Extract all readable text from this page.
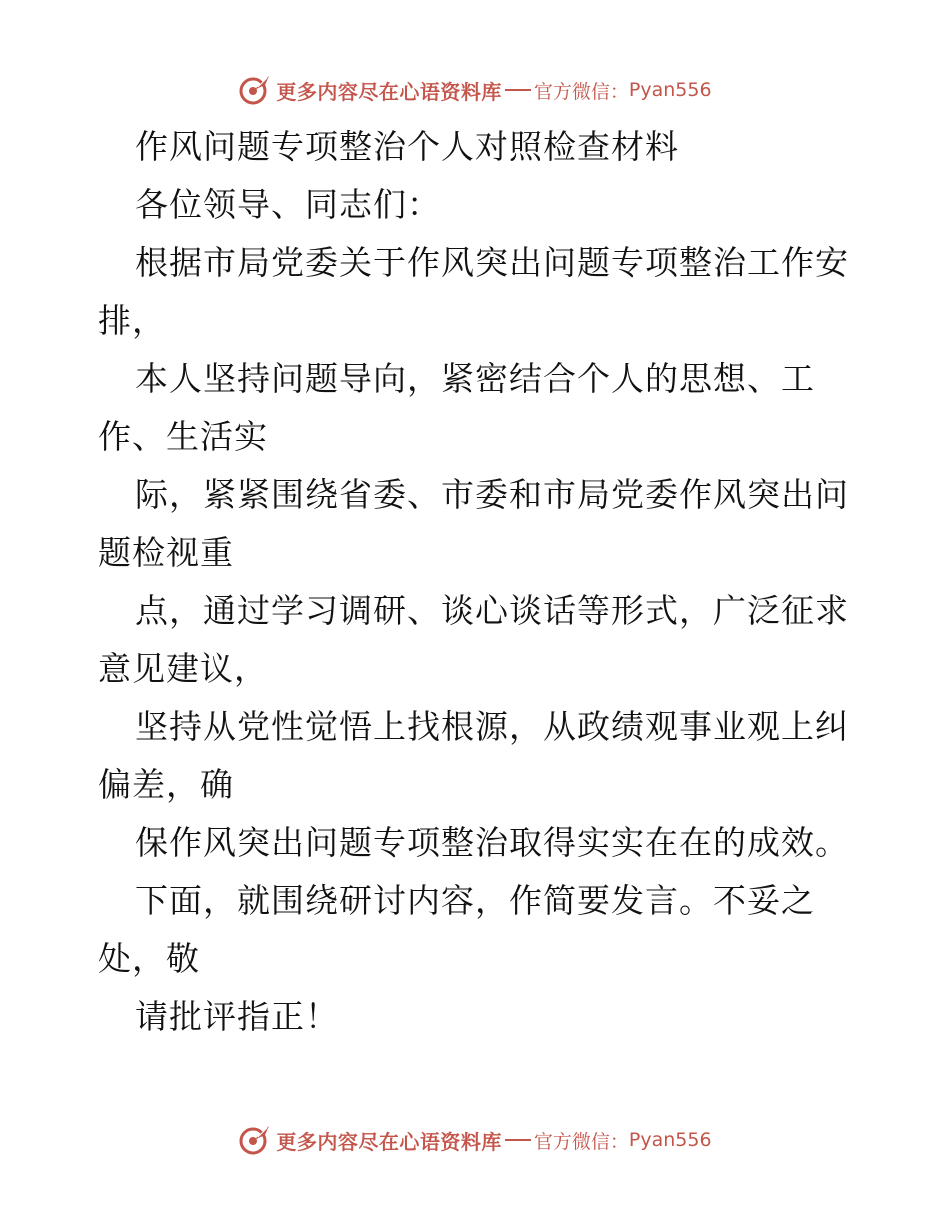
更多内容尽在心语资料库 官方微信： Pyan556
作风问题专项整治个人对照检查材料
各位领导、同志们：
根据市局党委关于作风突出问题专项整治工作安
排，
本人坚持问题导向，紧密结合个人的思想、工
作、生活实
际，紧紧围绕省委、市委和市局党委作风突出问
题检视重
点，通过学习调研、谈心谈话等形式，广泛征求
意见建议，
坚持从党性觉悟上找根源，从政绩观事业观上纠
偏差，确
保作风突出问题专项整治取得实实在在的成效。
下面，就围绕研讨内容，作简要发言。不妥之
处，敬
请批评指正！
更多内容尽在心语资料库 官方微信： Pyan556
